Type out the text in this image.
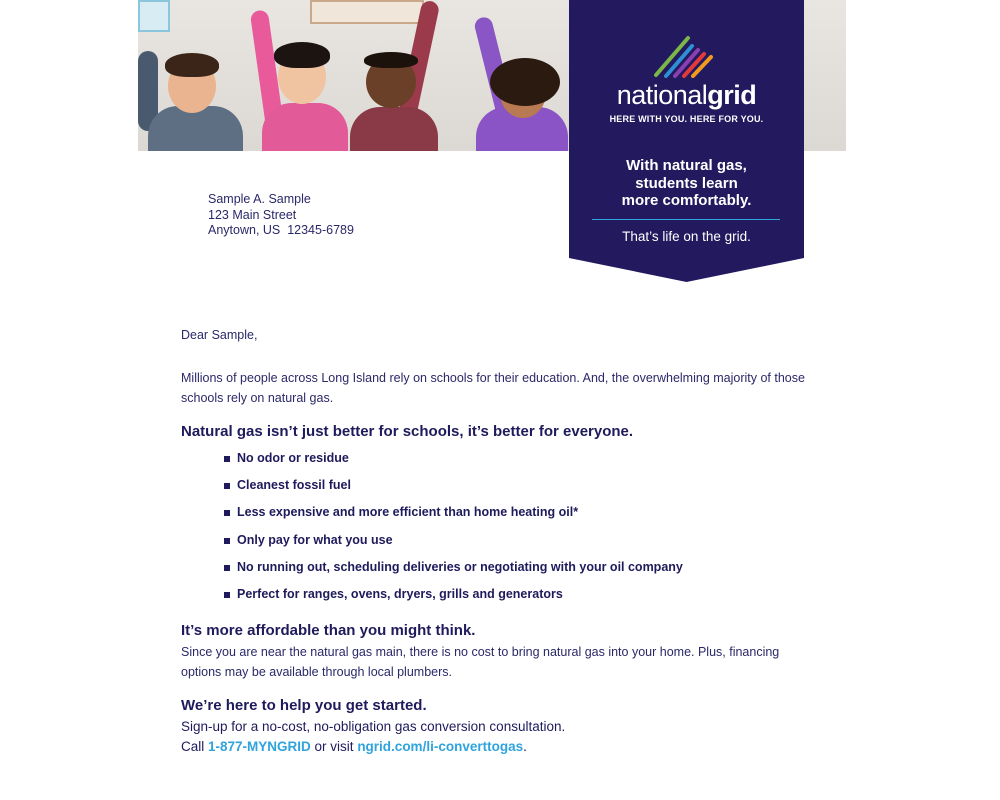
nationalgrid
HERE WITH YOU. HERE FOR YOU.
With natural gas,
students learn
more comfortably.
That’s life on the grid.
Sample A. Sample
123 Main Street
Anytown, US  12345-6789
Dear Sample,
Millions of people across Long Island rely on schools for their education. And, the overwhelming majority of those schools rely on natural gas.
Natural gas isn’t just better for schools, it’s better for everyone.
No odor or residue
Cleanest fossil fuel
Less expensive and more efficient than home heating oil*
Only pay for what you use
No running out, scheduling deliveries or negotiating with your oil company
Perfect for ranges, ovens, dryers, grills and generators
It’s more affordable than you might think.
Since you are near the natural gas main, there is no cost to bring natural gas into your home. Plus, financing options may be available through local plumbers.
We’re here to help you get started.
Sign-up for a no-cost, no-obligation gas conversion consultation.
Call 1-877-MYNGRID or visit ngrid.com/li-converttogas.
